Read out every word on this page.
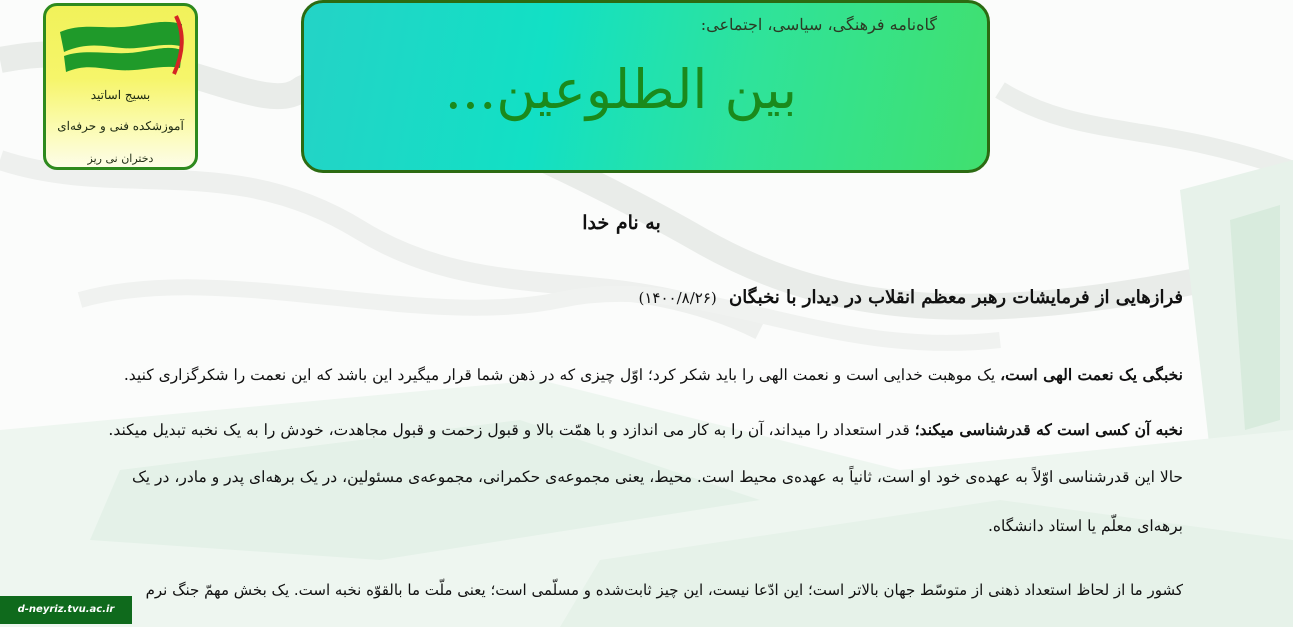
بسیج اساتید
آموزشکده فنی و حرفه‌ای
دختران نی ریز
گاه‌نامه فرهنگی، سیاسی، اجتماعی:
بین الطلوعین...
به نام خدا
فرازهایی از فرمایشات رهبر معظم انقلاب در دیدار با نخبگان (۱۴۰۰/۸/۲۶)
نخبگی یک نعمت الهی است، یک موهبت خدایی است و نعمت الهی را باید شکر کرد؛ اوّل چیزی که در ذهن شما قرار میگیرد این باشد که این نعمت را شکرگزاری کنید.
نخبه آن کسی است که قدرشناسی میکند؛ قدر استعداد را میداند، آن را به کار می اندازد و با همّت بالا و قبول زحمت و قبول مجاهدت، خودش را به یک نخبه تبدیل میکند.
حالا این قدرشناسی اوّلاً به عهده‌ی خود او است، ثانیاً به عهده‌ی محیط است. محیط، یعنی مجموعه‌ی حکمرانی، مجموعه‌ی مسئولین، در یک برهه‌ای پدر و مادر، در یک
برهه‌ای معلّم یا استاد دانشگاه.
کشور ما از لحاظ استعداد ذهنی از متوسّط جهان بالاتر است؛ این ادّعا نیست، این چیز ثابت‌شده و مسلّمی است؛ یعنی ملّت ما بالقوّه نخبه است. یک بخش مهمّ جنگ نرم
d-neyriz.tvu.ac.ir
